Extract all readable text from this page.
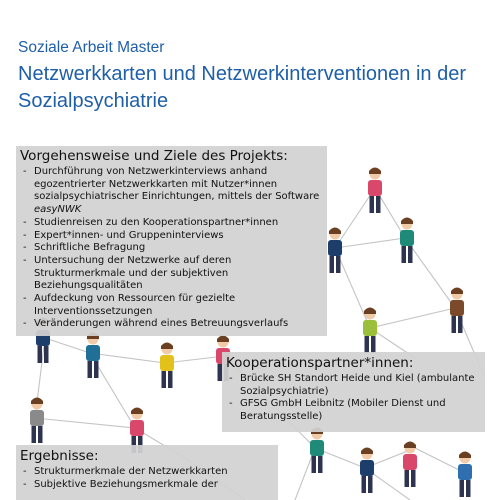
Soziale Arbeit Master
Netzwerkkarten und Netzwerkinterventionen in der
Sozialpsychiatrie
Vorgehensweise und Ziele des Projekts:
- Durchführung von Netzwerkinterviews anhand egozentrierter Netzwerkkarten mit Nutzer*innen sozialpsychiatrischer Einrichtungen, mittels der Software easyNWK
- Studienreisen zu den Kooperationspartner*innen
- Expert*innen- und Gruppeninterviews
- Schriftliche Befragung
- Untersuchung der Netzwerke auf deren Strukturmerkmale und der subjektiven Beziehungsqualitäten
- Aufdeckung von Ressourcen für gezielte Interventionssetzungen
- Veränderungen während eines Betreuungsverlaufs
Kooperationspartner*innen:
- Brücke SH Standort Heide und Kiel (ambulante Sozialpsychiatrie)
- GFSG GmbH Leibnitz (Mobiler Dienst und Beratungsstelle)
Ergebnisse:
- Strukturmerkmale der Netzwerkkarten
- Subjektive Beziehungsmerkmale der
